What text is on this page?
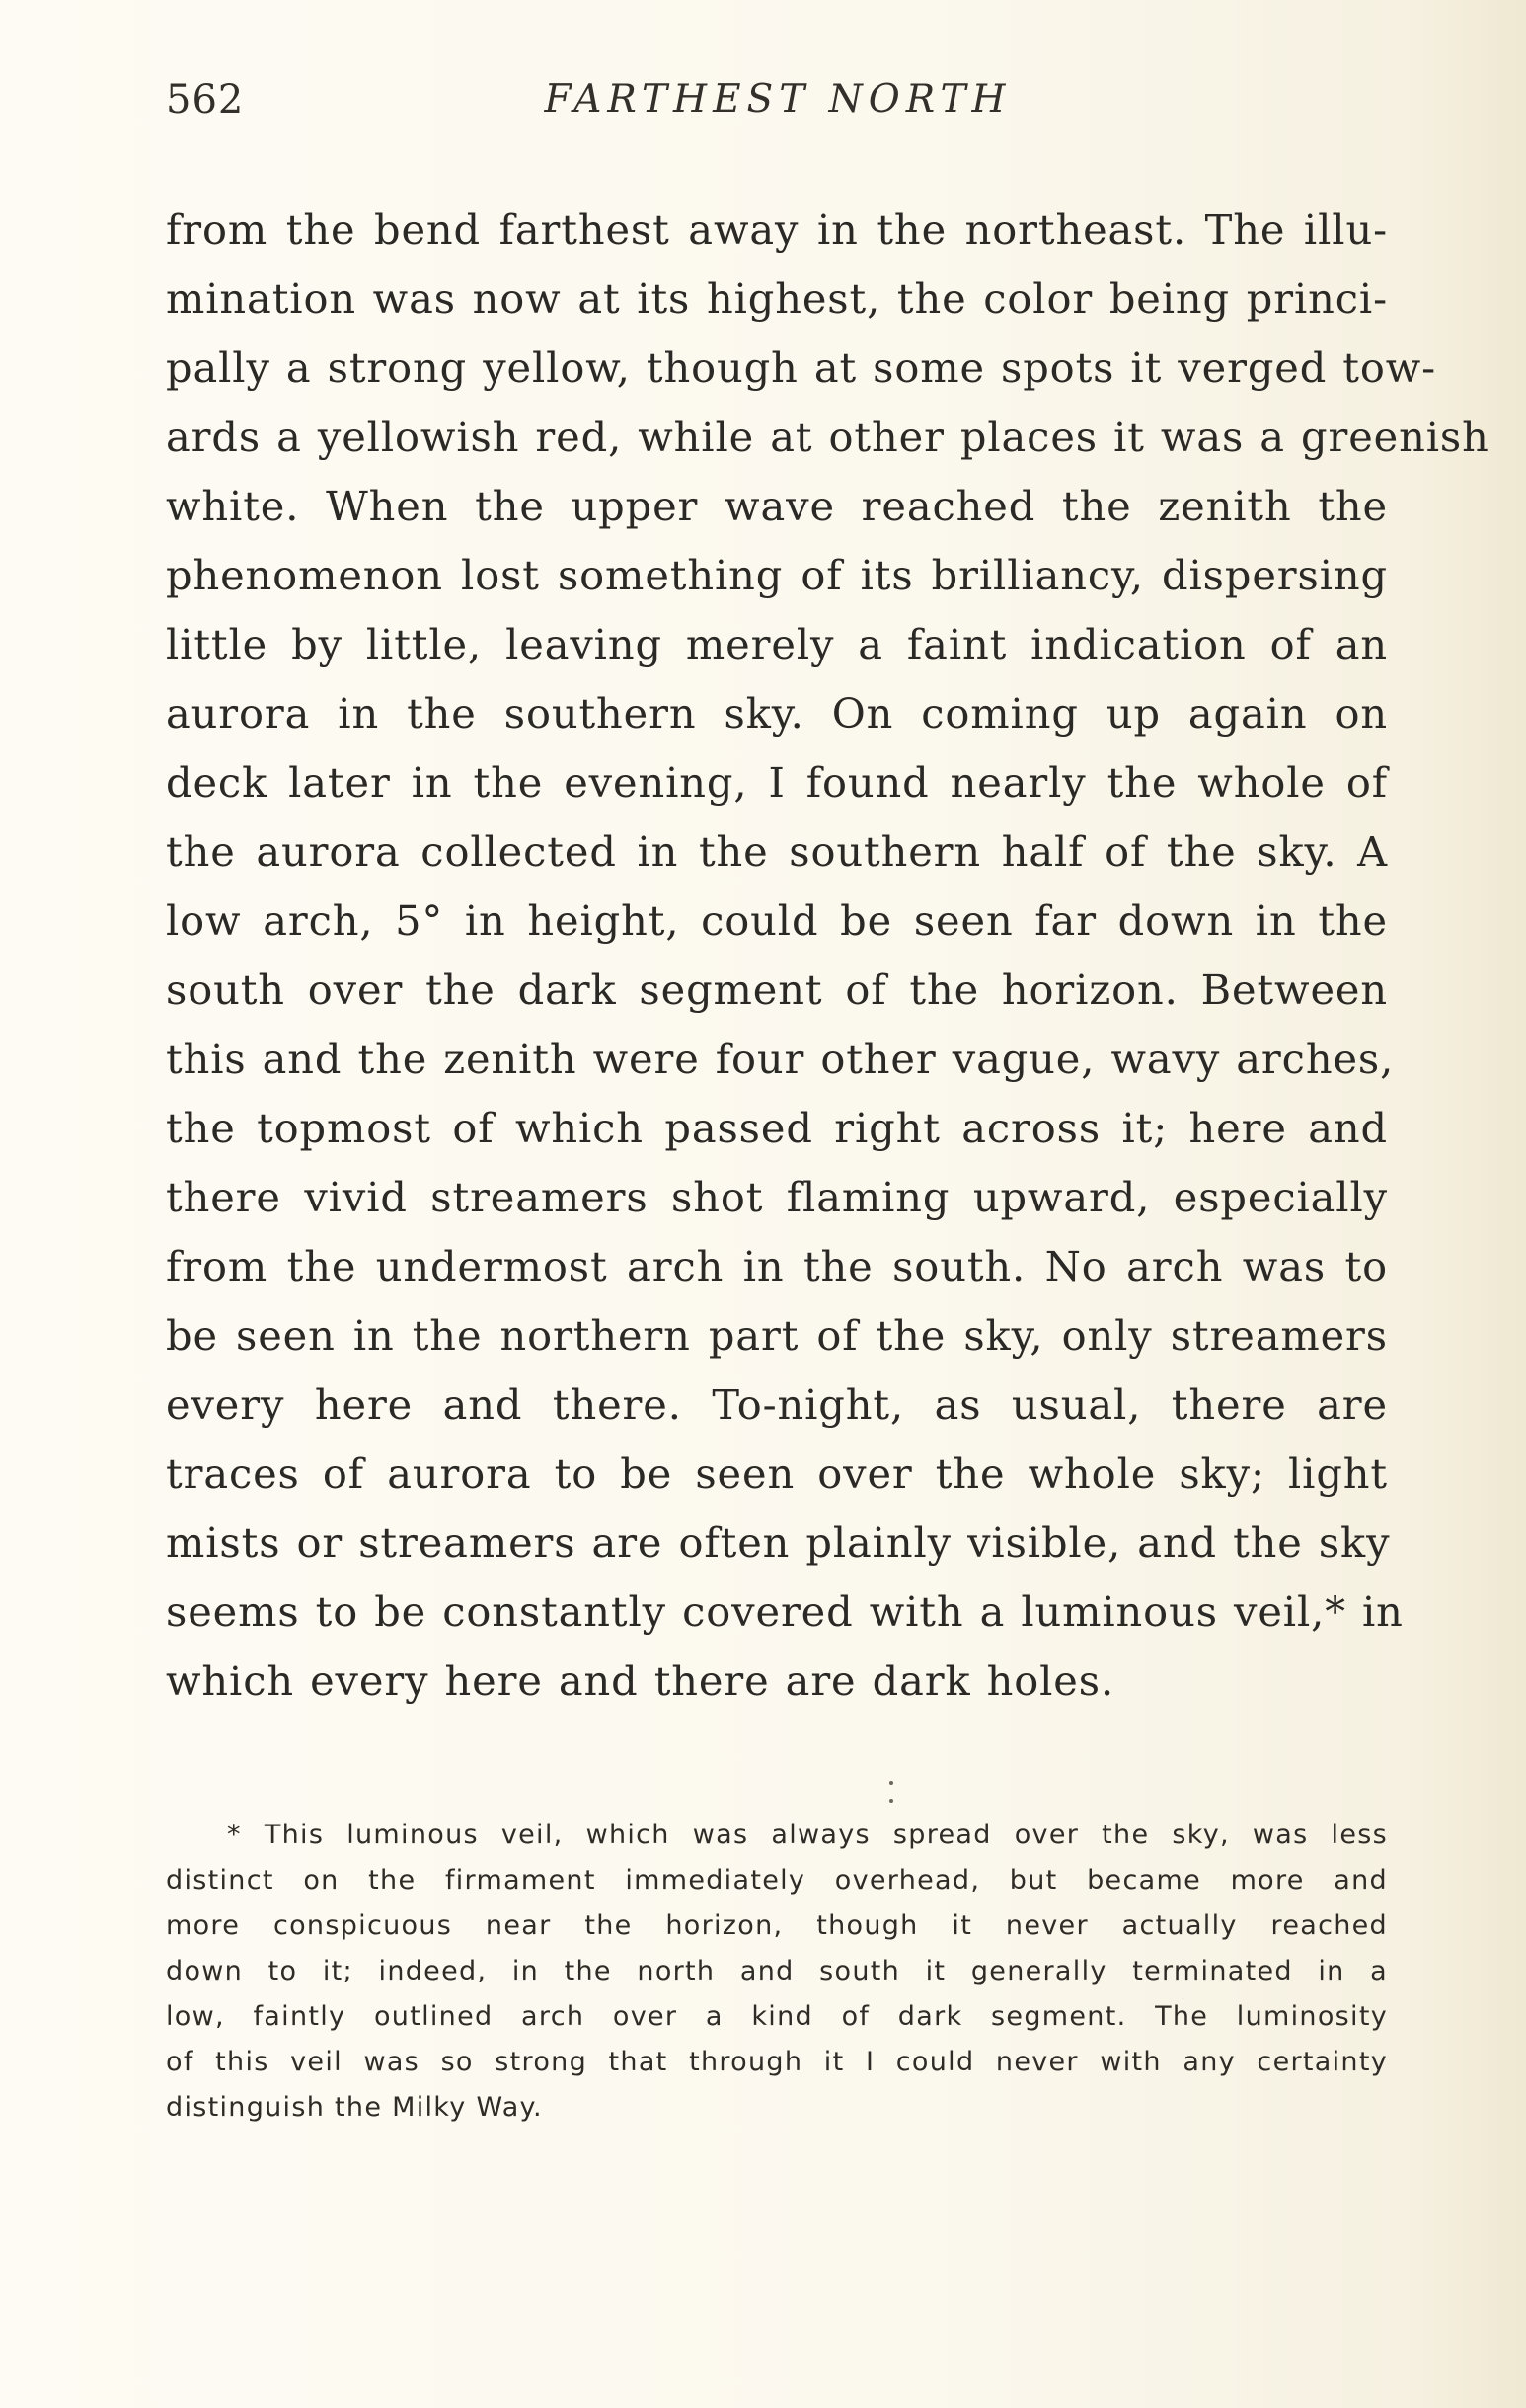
562	FARTHEST NORTH
from the bend farthest away in the northeast. The illu-
mination was now at its highest, the color being princi-
pally a strong yellow, though at some spots it verged tow-
ards a yellowish red, while at other places it was a greenish
white. When the upper wave reached the zenith the
phenomenon lost something of its brilliancy, dispersing
little by little, leaving merely a faint indication of an
aurora in the southern sky. On coming up again on
deck later in the evening, I found nearly the whole of
the aurora collected in the southern half of the sky. A
low arch, 5° in height, could be seen far down in the
south over the dark segment of the horizon. Between
this and the zenith were four other vague, wavy arches,
the topmost of which passed right across it; here and
there vivid streamers shot flaming upward, especially
from the undermost arch in the south. No arch was to
be seen in the northern part of the sky, only streamers
every here and there. To-night, as usual, there are
traces of aurora to be seen over the whole sky; light
mists or streamers are often plainly visible, and the sky
seems to be constantly covered with a luminous veil,* in
which every here and there are dark holes.
* This luminous veil, which was always spread over the sky, was less
distinct on the firmament immediately overhead, but became more and
more conspicuous near the horizon, though it never actually reached
down to it; indeed, in the north and south it generally terminated in a
low, faintly outlined arch over a kind of dark segment. The luminosity
of this veil was so strong that through it I could never with any certainty
distinguish the Milky Way.
